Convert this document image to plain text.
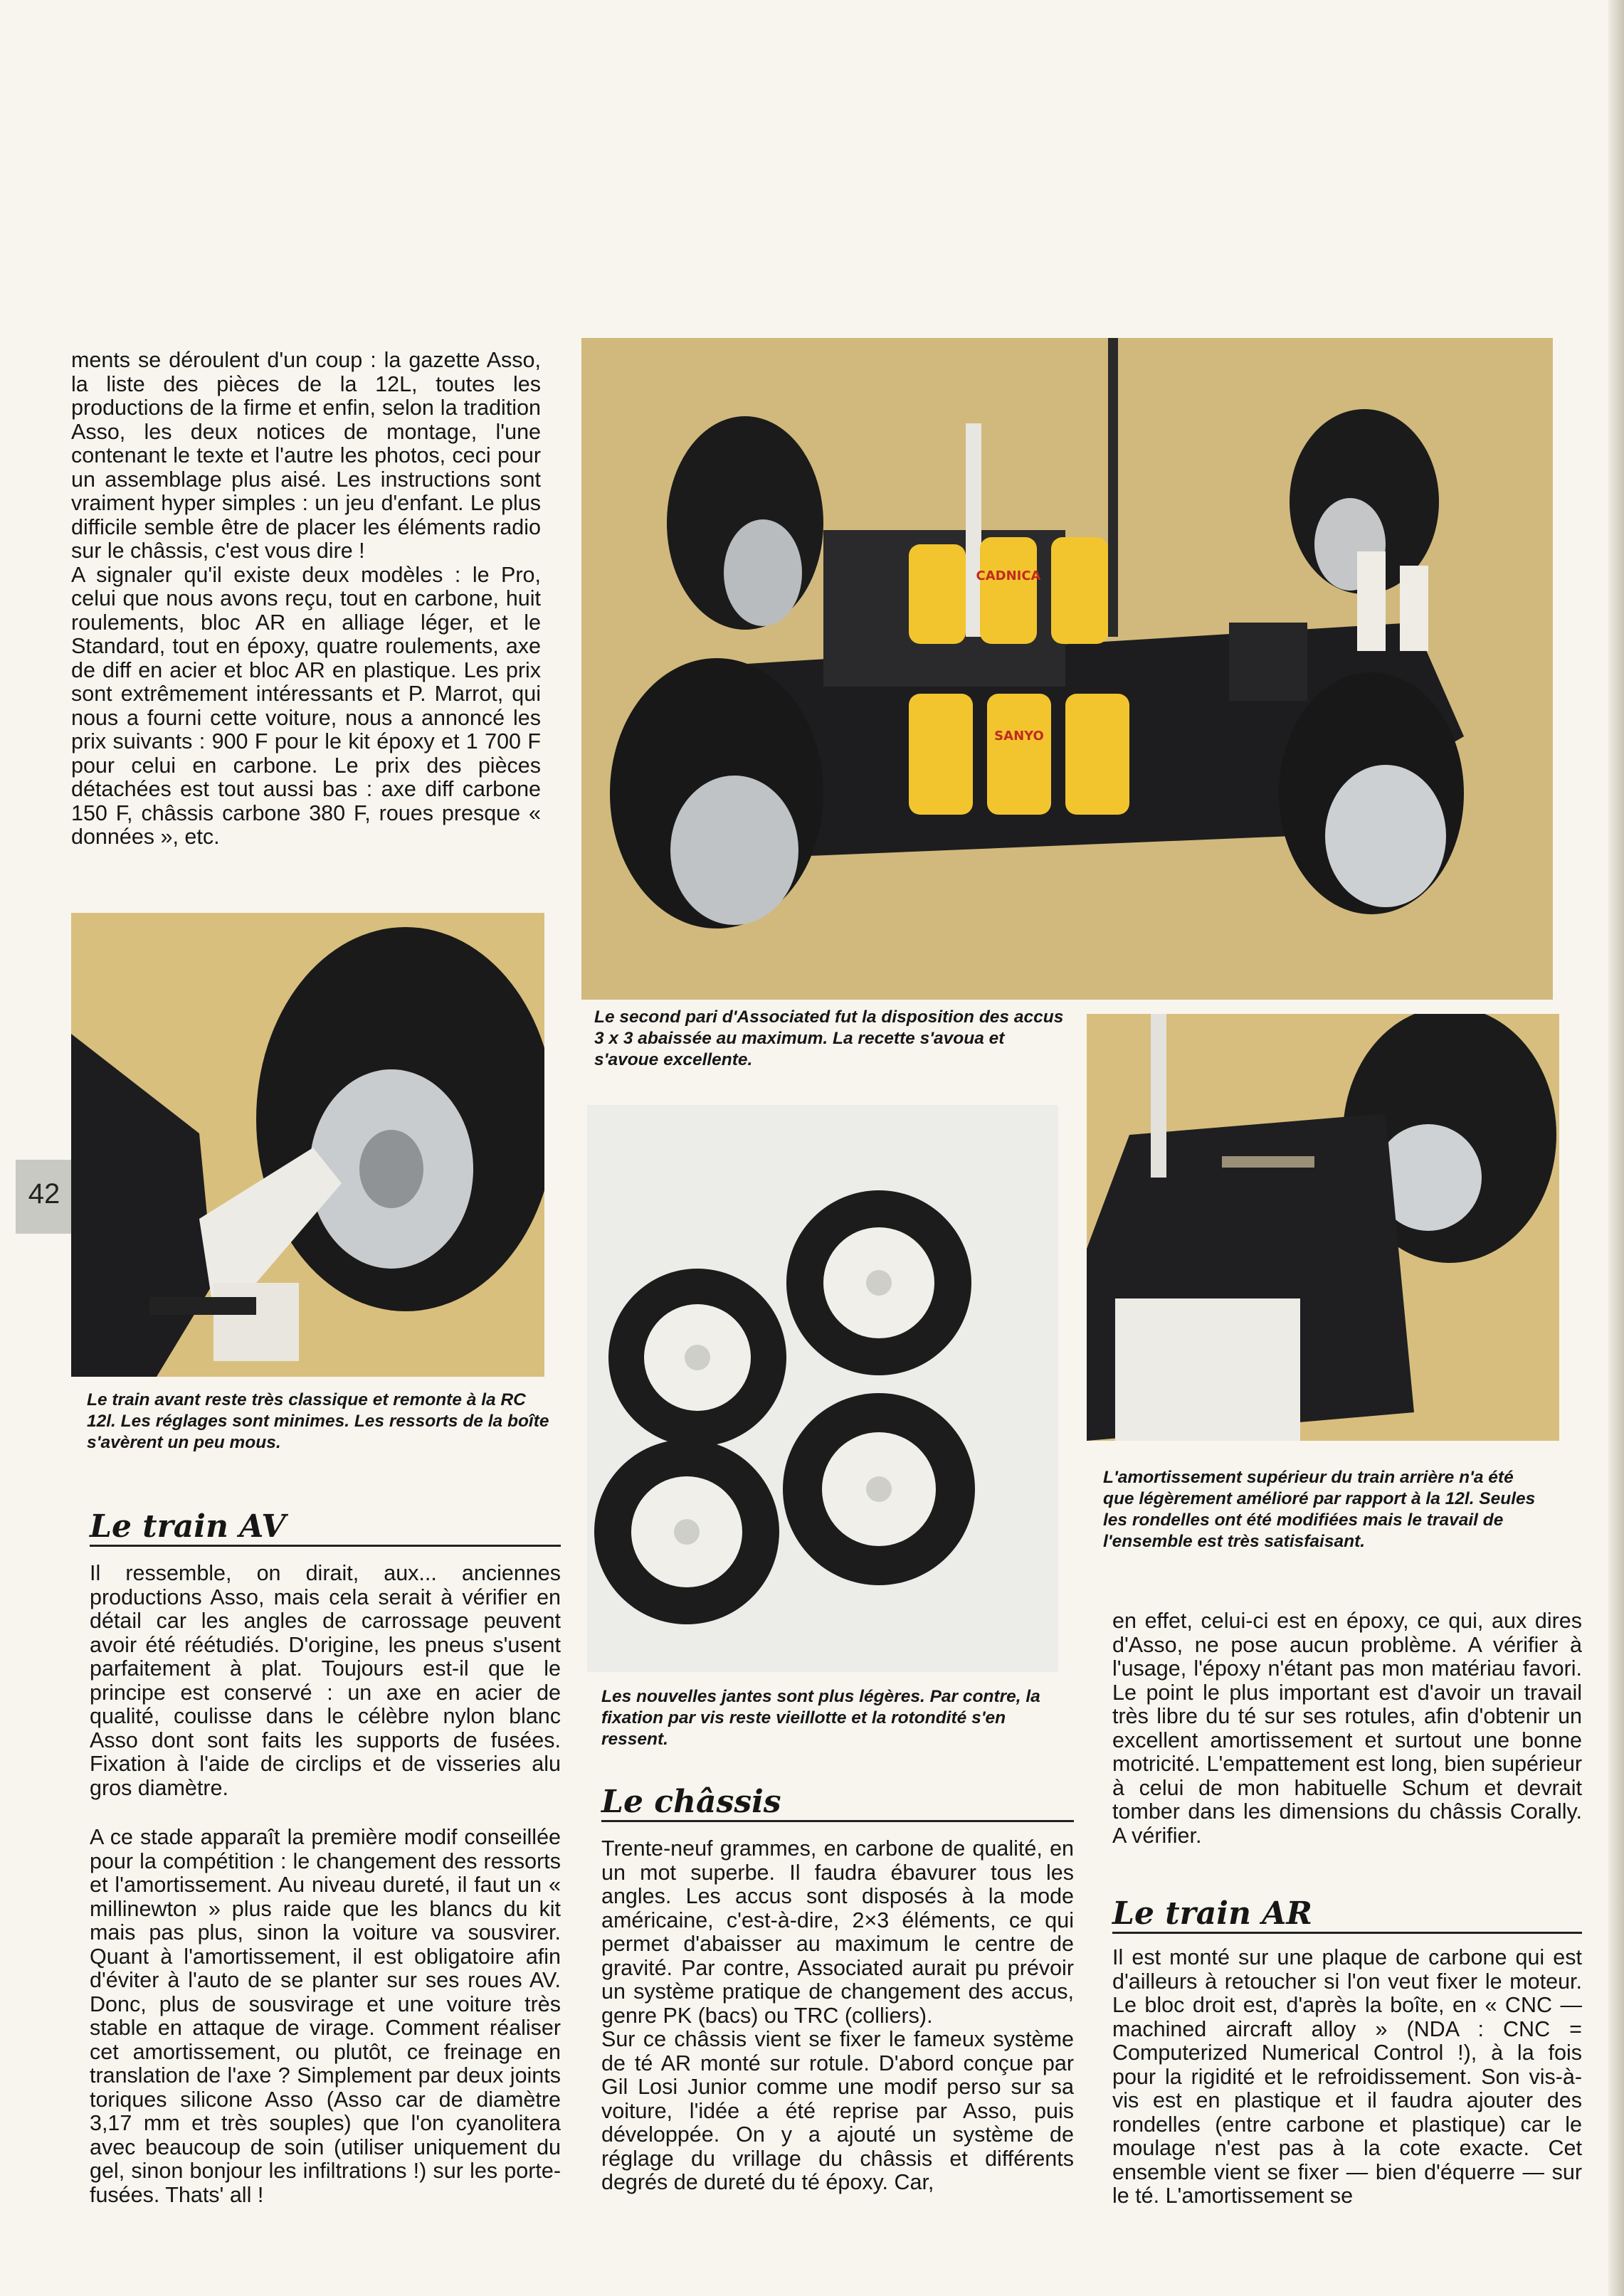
42

ments se déroulent d'un coup : la gazette Asso, la liste des pièces de la 12L, toutes les productions de la firme et enfin, selon la tradition Asso, les deux notices de montage, l'une contenant le texte et l'autre les photos, ceci pour un assemblage plus aisé. Les instructions sont vraiment hyper simples : un jeu d'enfant. Le plus difficile semble être de placer les éléments radio sur le châssis, c'est vous dire !

A signaler qu'il existe deux modèles : le Pro, celui que nous avons reçu, tout en carbone, huit roulements, bloc AR en alliage léger, et le Standard, tout en époxy, quatre roulements, axe de diff en acier et bloc AR en plastique. Les prix sont extrêmement intéressants et P. Marrot, qui nous a fourni cette voiture, nous a annoncé les prix suivants : 900 F pour le kit époxy et 1 700 F pour celui en carbone. Le prix des pièces détachées est tout aussi bas : axe diff carbone 150 F, châssis carbone 380 F, roues presque « données », etc.

CADNICA
SANYO
Le second pari d'Associated fut la disposition des accus 3 x 3 abaissée au maximum. La recette s'avoua et s'avoue excellente.
Le train avant reste très classique et remonte à la RC 12l. Les réglages sont minimes. Les ressorts de la boîte s'avèrent un peu mous.
Les nouvelles jantes sont plus légères. Par contre, la fixation par vis reste vieillotte et la rotondité s'en ressent.
L'amortissement supérieur du train arrière n'a été que légèrement amélioré par rapport à la 12l. Seules les rondelles ont été modifiées mais le travail de l'ensemble est très satisfaisant.
Le train AV

Il ressemble, on dirait, aux... anciennes productions Asso, mais cela serait à vérifier en détail car les angles de carrossage peuvent avoir été réétudiés. D'origine, les pneus s'usent parfaitement à plat. Toujours est-il que le principe est conservé : un axe en acier de qualité, coulisse dans le célèbre nylon blanc Asso dont sont faits les supports de fusées. Fixation à l'aide de circlips et de visseries alu gros diamètre.

A ce stade apparaît la première modif conseillée pour la compétition : le changement des ressorts et l'amortissement. Au niveau dureté, il faut un « millinewton » plus raide que les blancs du kit mais pas plus, sinon la voiture va sousvirer. Quant à l'amortissement, il est obligatoire afin d'éviter à l'auto de se planter sur ses roues AV. Donc, plus de sousvirage et une voiture très stable en attaque de virage. Comment réaliser cet amortissement, ou plutôt, ce freinage en translation de l'axe ? Simplement par deux joints toriques silicone Asso (Asso car de diamètre 3,17 mm et très souples) que l'on cyanolitera avec beaucoup de soin (utiliser uniquement du gel, sinon bonjour les infiltrations !) sur les porte-fusées. Thats' all !

Le châssis

Trente-neuf grammes, en carbone de qualité, en un mot superbe. Il faudra ébavurer tous les angles. Les accus sont disposés à la mode américaine, c'est-à-dire, 2×3 éléments, ce qui permet d'abaisser au maximum le centre de gravité. Par contre, Associated aurait pu prévoir un système pratique de changement des accus, genre PK (bacs) ou TRC (colliers).

Sur ce châssis vient se fixer le fameux système de té AR monté sur rotule. D'abord conçue par Gil Losi Junior comme une modif perso sur sa voiture, l'idée a été reprise par Asso, puis développée. On y a ajouté un système de réglage du vrillage du châssis et différents degrés de dureté du té époxy. Car,

en effet, celui-ci est en époxy, ce qui, aux dires d'Asso, ne pose aucun problème. A vérifier à l'usage, l'époxy n'étant pas mon matériau favori. Le point le plus important est d'avoir un travail très libre du té sur ses rotules, afin d'obtenir un excellent amortissement et surtout une bonne motricité. L'empattement est long, bien supérieur à celui de mon habituelle Schum et devrait tomber dans les dimensions du châssis Corally. A vérifier.

Le train AR

Il est monté sur une plaque de carbone qui est d'ailleurs à retoucher si l'on veut fixer le moteur. Le bloc droit est, d'après la boîte, en « CNC — machined aircraft alloy » (NDA : CNC = Computerized Numerical Control !), à la fois pour la rigidité et le refroidissement. Son vis-à-vis est en plastique et il faudra ajouter des rondelles (entre carbone et plastique) car le moulage n'est pas à la cote exacte. Cet ensemble vient se fixer — bien d'équerre — sur le té. L'amortissement se
